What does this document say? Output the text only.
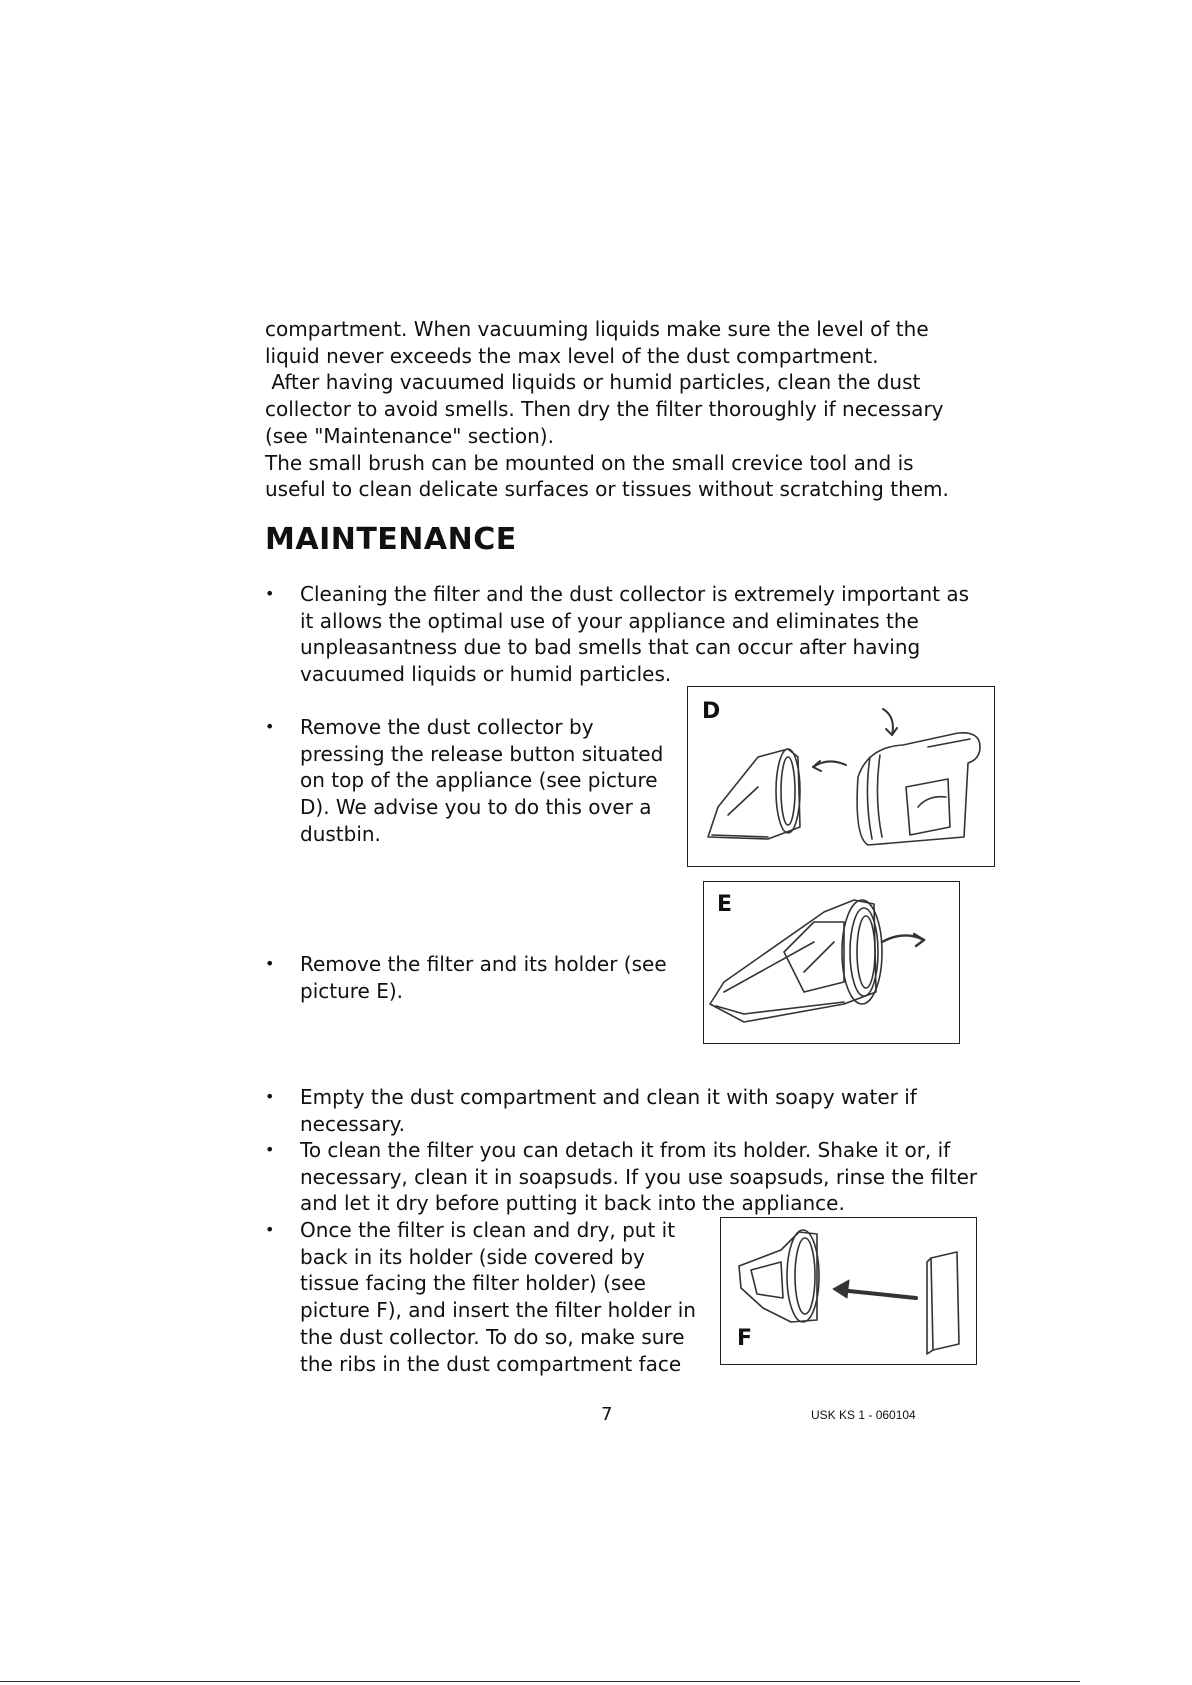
compartment. When vacuuming liquids make sure the level of the
liquid never exceeds the max level of the dust compartment.
After having vacuumed liquids or humid particles, clean the dust
collector to avoid smells. Then dry the filter thoroughly if necessary
(see "Maintenance" section).
The small brush can be mounted on the small crevice tool and is
useful to clean delicate surfaces or tissues without scratching them.
MAINTENANCE
•	Cleaning the filter and the dust collector is extremely important as
it allows the optimal use of your appliance and eliminates the
unpleasantness due to bad smells that can occur after having
vacuumed liquids or humid particles.
•	Remove the dust collector by
pressing the release button situated
on top of the appliance (see picture
D). We advise you to do this over a
dustbin.
D
•	Remove the filter and its holder (see
picture E).
E
•	Empty the dust compartment and clean it with soapy water if
necessary.
•	To clean the filter you can detach it from its holder. Shake it or, if
necessary, clean it in soapsuds. If you use soapsuds, rinse the filter
and let it dry before putting it back into the appliance.
•	Once the filter is clean and dry, put it
back in its holder (side covered by
tissue facing the filter holder) (see
picture F), and insert the filter holder in
the dust collector. To do so, make sure
the ribs in the dust compartment face
F
7	USK KS 1 - 060104
